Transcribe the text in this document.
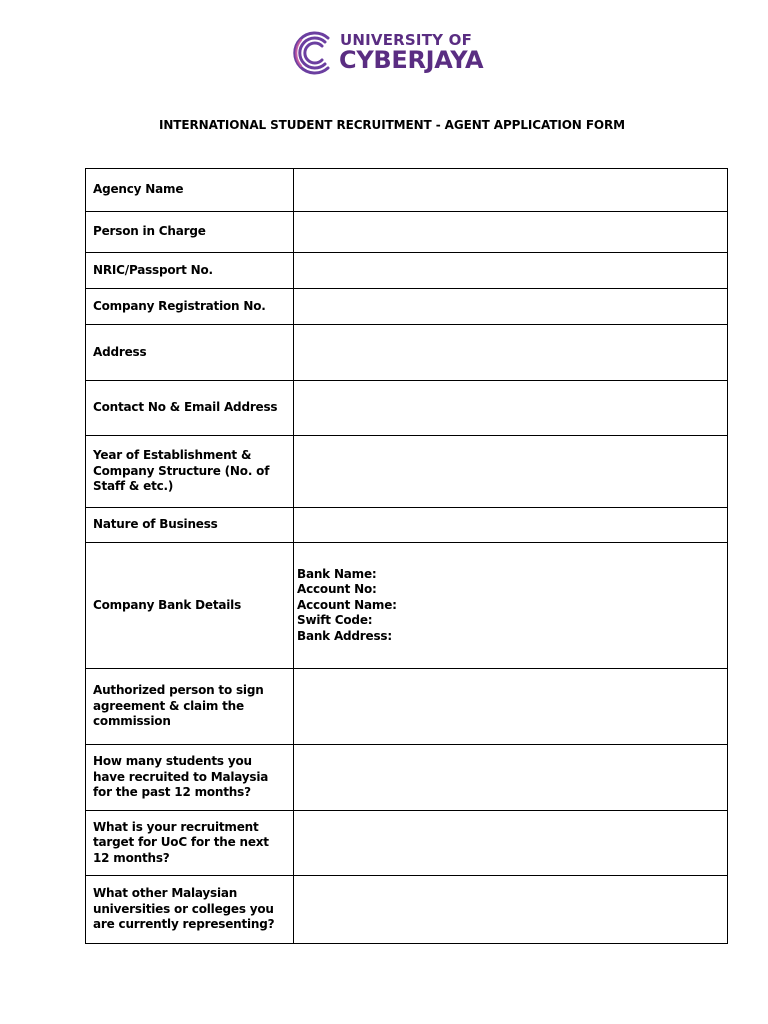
UNIVERSITY OF
CYBERJAYA
INTERNATIONAL STUDENT RECRUITMENT - AGENT APPLICATION FORM
Agency Name	
Person in Charge	
NRIC/Passport No.	
Company Registration No.	
Address	
Contact No & Email Address	
Year of Establishment & Company Structure (No. of Staff & etc.)	
Nature of Business	
Company Bank Details	Bank Name:
Account No:
Account Name:
Swift Code:
Bank Address:

Authorized person to sign agreement & claim the commission	
How many students you have recruited to Malaysia for the past 12 months?	
What is your recruitment target for UoC for the next 12 months?	
What other Malaysian universities or colleges you are currently representing?	
